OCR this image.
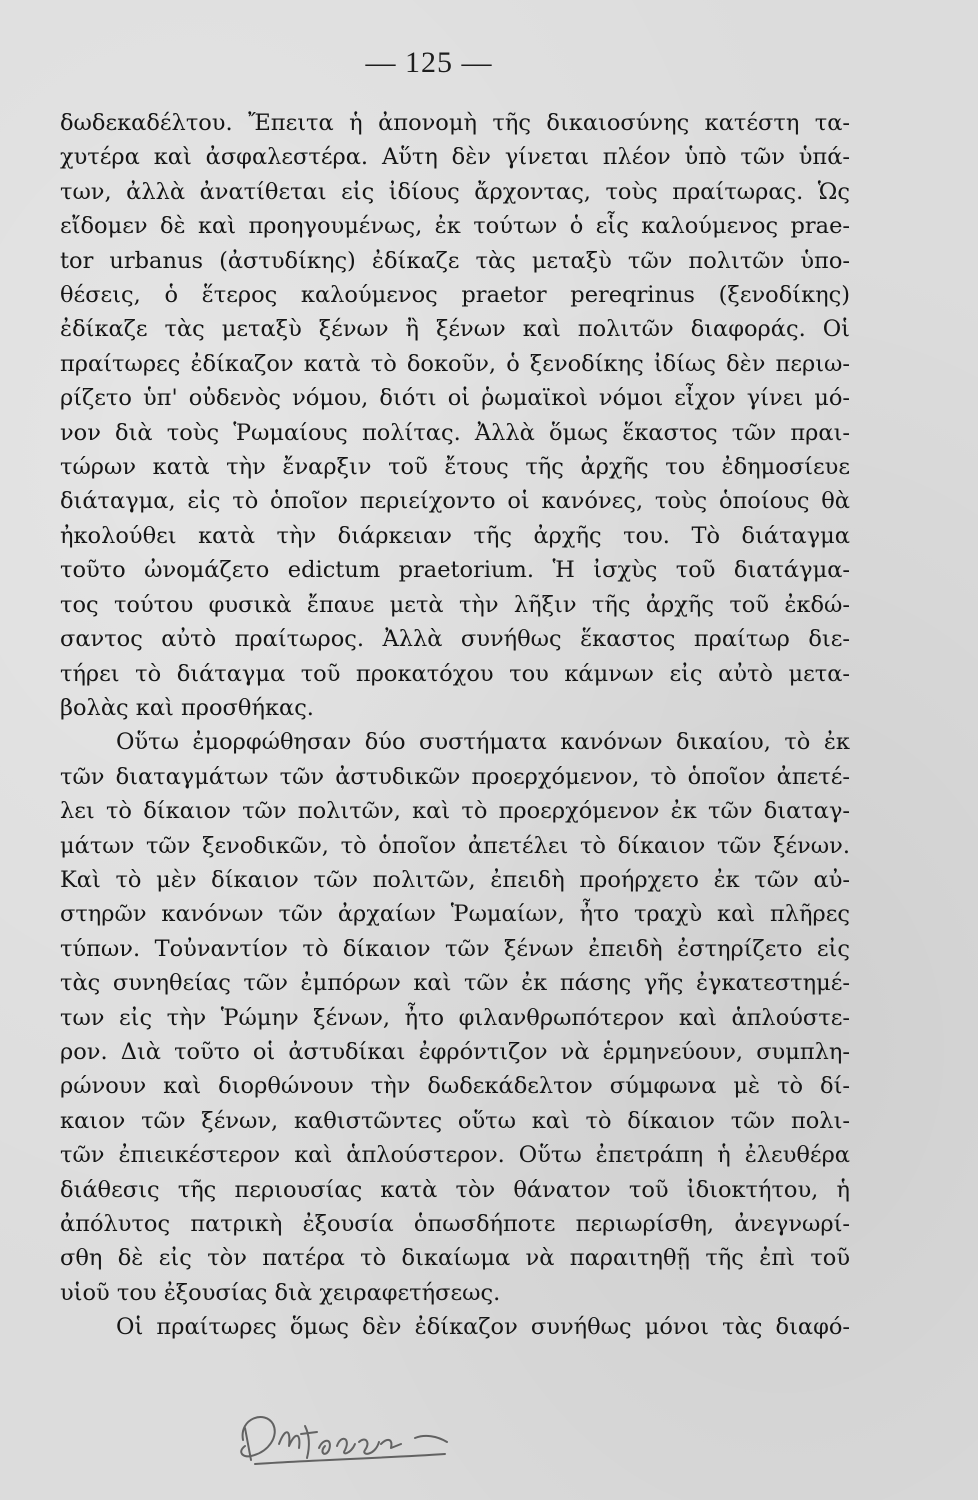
— 125 —
δωδεκαδέλτου. Ἔπειτα ἡ ἀπονομὴ τῆς δικαιοσύνης κατέστη τα-
χυτέρα καὶ ἀσφαλεστέρα. Αὕτη δὲν γίνεται πλέον ὑπὸ τῶν ὑπά-
των, ἀλλὰ ἀνατίθεται εἰς ἰδίους ἄρχοντας, τοὺς πραίτωρας. Ὡς
εἴδομεν δὲ καὶ προηγουμένως, ἐκ τούτων ὁ εἷς καλούμενος prae-
tor urbanus (ἀστυδίκης) ἐδίκαζε τὰς μεταξὺ τῶν πολιτῶν ὑπο-
θέσεις, ὁ ἕτερος καλούμενος praetor pereqrinus (ξενοδίκης)
ἐδίκαζε τὰς μεταξὺ ξένων ἢ ξένων καὶ πολιτῶν διαφοράς. Οἱ
πραίτωρες ἐδίκαζον κατὰ τὸ δοκοῦν, ὁ ξενοδίκης ἰδίως δὲν περιω-
ρίζετο ὑπ' οὐδενὸς νόμου, διότι οἱ ῥωμαϊκοὶ νόμοι εἶχον γίνει μό-
νον διὰ τοὺς Ῥωμαίους πολίτας. Ἀλλὰ ὅμως ἕκαστος τῶν πραι-
τώρων κατὰ τὴν ἔναρξιν τοῦ ἔτους τῆς ἀρχῆς του ἐδημοσίευε
διάταγμα, εἰς τὸ ὁποῖον περιείχοντο οἱ κανόνες, τοὺς ὁποίους θὰ
ἠκολούθει κατὰ τὴν διάρκειαν τῆς ἀρχῆς του. Τὸ διάταγμα
τοῦτο ὠνομάζετο edictum praetorium. Ἡ ἰσχὺς τοῦ διατάγμα-
τος τούτου φυσικὰ ἔπαυε μετὰ τὴν λῆξιν τῆς ἀρχῆς τοῦ ἐκδώ-
σαντος αὐτὸ πραίτωρος. Ἀλλὰ συνήθως ἕκαστος πραίτωρ διε-
τήρει τὸ διάταγμα τοῦ προκατόχου του κάμνων εἰς αὐτὸ μετα-
βολὰς καὶ προσθήκας.
Οὕτω ἐμορφώθησαν δύο συστήματα κανόνων δικαίου, τὸ ἐκ
τῶν διαταγμάτων τῶν ἀστυδικῶν προερχόμενον, τὸ ὁποῖον ἀπετέ-
λει τὸ δίκαιον τῶν πολιτῶν, καὶ τὸ προερχόμενον ἐκ τῶν διαταγ-
μάτων τῶν ξενοδικῶν, τὸ ὁποῖον ἀπετέλει τὸ δίκαιον τῶν ξένων.
Καὶ τὸ μὲν δίκαιον τῶν πολιτῶν, ἐπειδὴ προήρχετο ἐκ τῶν αὐ-
στηρῶν κανόνων τῶν ἀρχαίων Ῥωμαίων, ἦτο τραχὺ καὶ πλῆρες
τύπων. Τοὐναντίον τὸ δίκαιον τῶν ξένων ἐπειδὴ ἐστηρίζετο εἰς
τὰς συνηθείας τῶν ἐμπόρων καὶ τῶν ἐκ πάσης γῆς ἐγκατεστημέ-
των εἰς τὴν Ῥώμην ξένων, ἦτο φιλανθρωπότερον καὶ ἁπλούστε-
ρον. Διὰ τοῦτο οἱ ἀστυδίκαι ἐφρόντιζον νὰ ἑρμηνεύουν, συμπλη-
ρώνουν καὶ διορθώνουν τὴν δωδεκάδελτον σύμφωνα μὲ τὸ δί-
καιον τῶν ξένων, καθιστῶντες οὕτω καὶ τὸ δίκαιον τῶν πολι-
τῶν ἐπιεικέστερον καὶ ἁπλούστερον. Οὕτω ἐπετράπη ἡ ἐλευθέρα
διάθεσις τῆς περιουσίας κατὰ τὸν θάνατον τοῦ ἰδιοκτήτου, ἡ
ἀπόλυτος πατρικὴ ἐξουσία ὁπωσδήποτε περιωρίσθη, ἀνεγνωρί-
σθη δὲ εἰς τὸν πατέρα τὸ δικαίωμα νὰ παραιτηθῇ τῆς ἐπὶ τοῦ
υἱοῦ του ἐξουσίας διὰ χειραφετήσεως.
Οἱ πραίτωρες ὅμως δὲν ἐδίκαζον συνήθως μόνοι τὰς διαφό-
